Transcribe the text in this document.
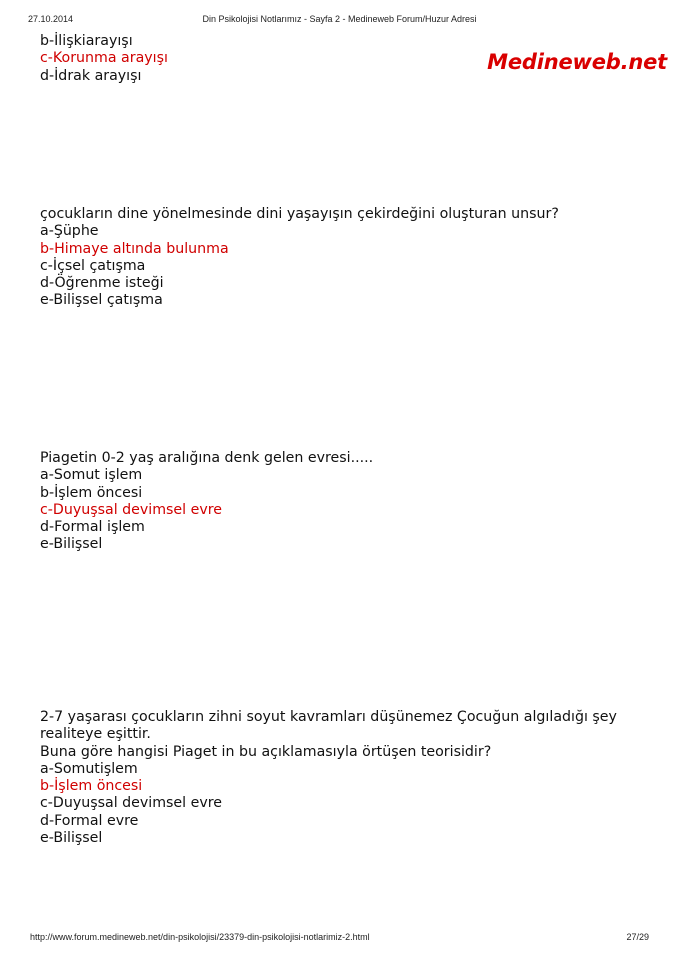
27.10.2014	Din Psikolojisi Notlarımız - Sayfa 2 - Medineweb Forum/Huzur Adresi
Medineweb.net
b-İlişkiarayışı
c-Korunma arayışı
d-İdrak arayışı
çocukların dine yönelmesinde dini yaşayışın çekirdeğini oluşturan unsur?
a-Şüphe
b-Himaye altında bulunma
c-İçsel çatışma
d-Öğrenme isteği
e-Bilişsel çatışma
Piagetin 0-2 yaş aralığına denk gelen evresi.....
a-Somut işlem
b-İşlem öncesi
c-Duyuşsal devimsel evre
d-Formal işlem
e-Bilişsel
2-7 yaşarası çocukların zihni soyut kavramları düşünemez Çocuğun algıladığı şey
realiteye eşittir.
Buna göre hangisi Piaget in bu açıklamasıyla örtüşen teorisidir?
a-Somutişlem
b-İşlem öncesi
c-Duyuşsal devimsel evre
d-Formal evre
e-Bilişsel
http://www.forum.medineweb.net/din-psikolojisi/23379-din-psikolojisi-notlarimiz-2.html	27/29
